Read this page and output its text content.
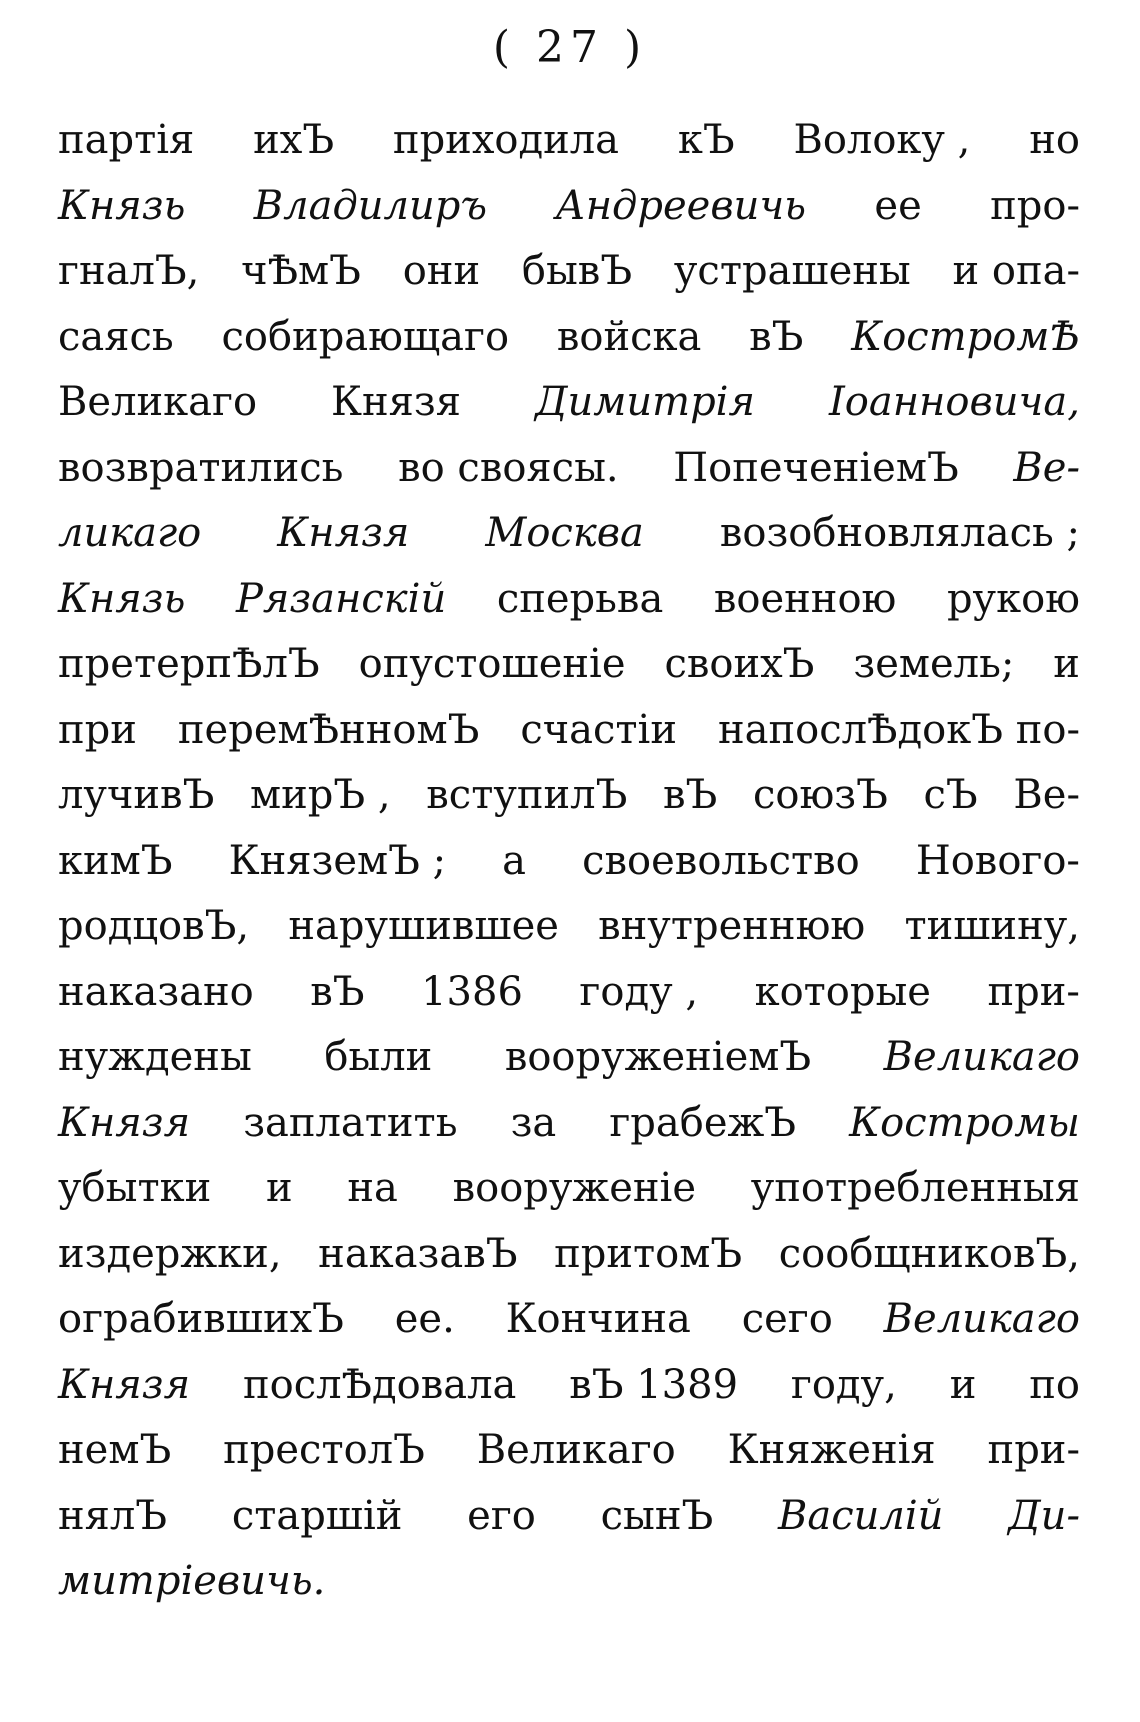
( 27 )
партія ихЪ приходила кЪ Волоку , но
Князь Владилиръ Андреевичь ее про-
гналЪ, чѢмЪ они бывЪ устрашены и опа-
саясь собирающаго войска вЪ КостромѢ
Великаго Князя Димитрія Іоанновича,
возвратились во своясы. ПопеченіемЪ Ве-
ликаго Князя Москва возобновлялась ;
Князь Рязанскій сперьва военною рукою
претерпѢлЪ опустошеніе своихЪ земель; и
при перемѢнномЪ счастіи напослѢдокЪ по-
лучивЪ мирЪ , вступилЪ вЪ союзЪ сЪ Ве-
кимЪ КняземЪ ; а своевольство Нового-
родцовЪ, нарушившее внутреннюю тишину,
наказано вЪ 1386 году , которые при-
нуждены были вооруженіемЪ Великаго
Князя заплатить за грабежЪ Костромы
убытки и на вооруженіе употребленныя
издержки, наказавЪ притомЪ сообщниковЪ,
ограбившихЪ ее. Кончина сего Великаго
Князя послѢдовала вЪ 1389 году, и по
немЪ престолЪ Великаго Княженія при-
нялЪ старшій его сынЪ Василій Ди-
митріевичь.
